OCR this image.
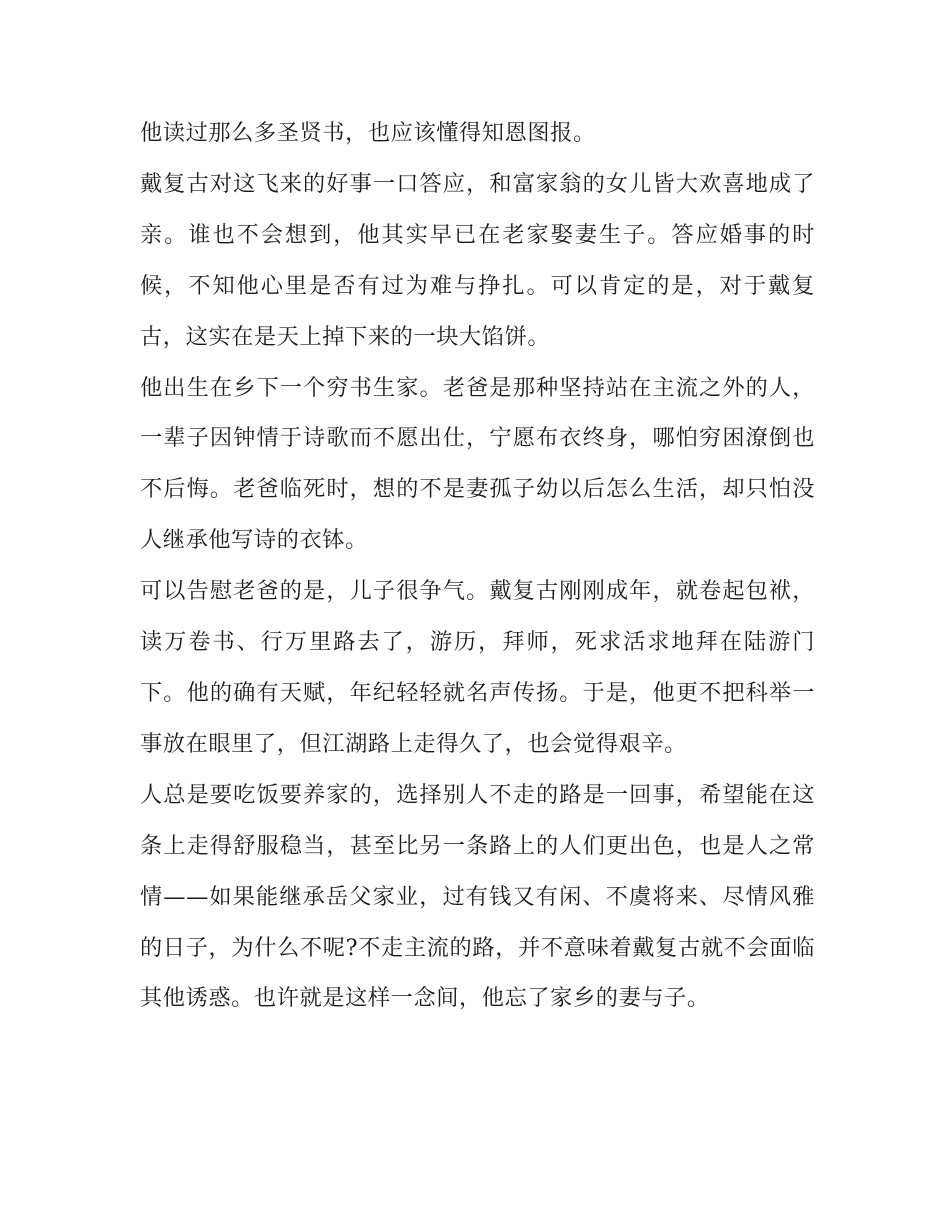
他读过那么多圣贤书，也应该懂得知恩图报。

戴复古对这飞来的好事一口答应，和富家翁的女儿皆大欢喜地成了亲。谁也不会想到，他其实早已在老家娶妻生子。答应婚事的时候，不知他心里是否有过为难与挣扎。可以肯定的是，对于戴复古，这实在是天上掉下来的一块大馅饼。

他出生在乡下一个穷书生家。老爸是那种坚持站在主流之外的人，一辈子因钟情于诗歌而不愿出仕，宁愿布衣终身，哪怕穷困潦倒也不后悔。老爸临死时，想的不是妻孤子幼以后怎么生活，却只怕没人继承他写诗的衣钵。

可以告慰老爸的是，儿子很争气。戴复古刚刚成年，就卷起包袱，读万卷书、行万里路去了，游历，拜师，死求活求地拜在陆游门下。他的确有天赋，年纪轻轻就名声传扬。于是，他更不把科举一事放在眼里了，但江湖路上走得久了，也会觉得艰辛。

人总是要吃饭要养家的，选择别人不走的路是一回事，希望能在这条上走得舒服稳当，甚至比另一条路上的人们更出色，也是人之常情——如果能继承岳父家业，过有钱又有闲、不虞将来、尽情风雅的日子，为什么不呢?不走主流的路，并不意味着戴复古就不会面临其他诱惑。也许就是这样一念间，他忘了家乡的妻与子。
